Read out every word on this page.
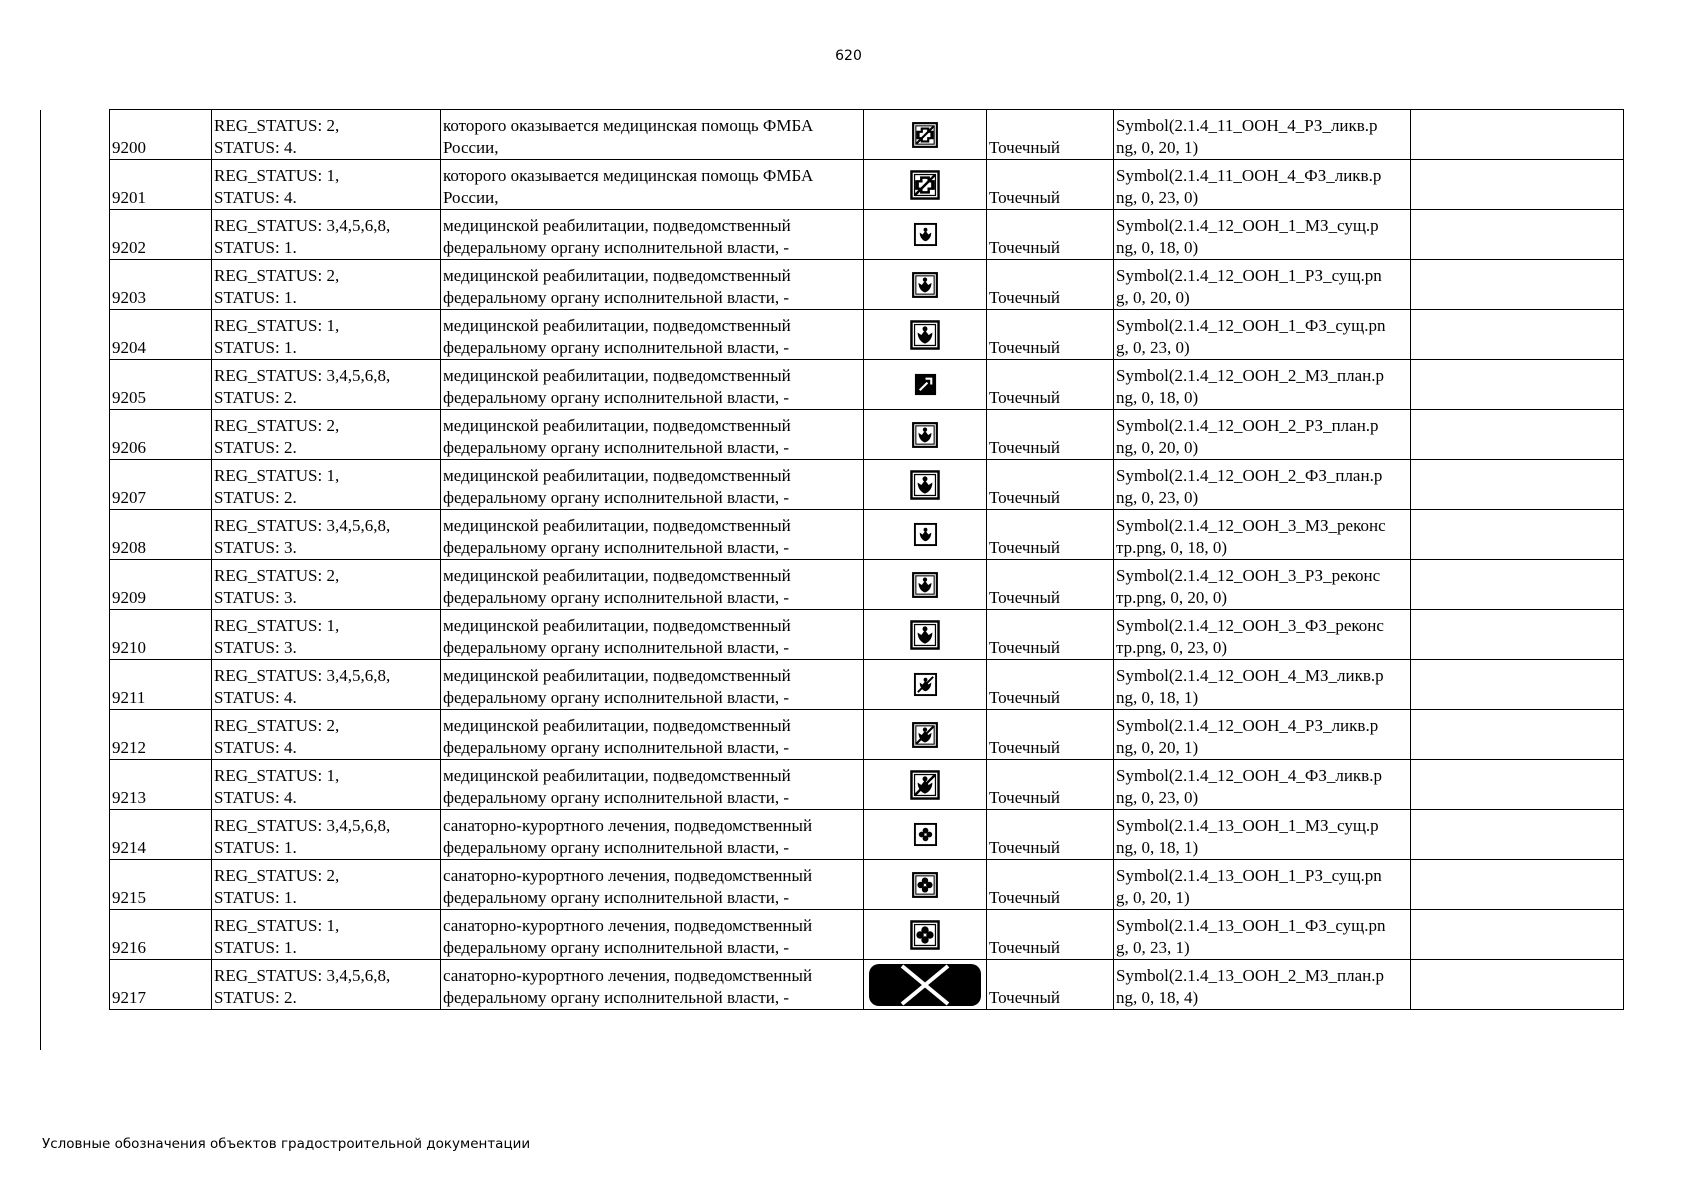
620
9200	REG_STATUS: 2,
STATUS: 4.	которого оказывается медицинская помощь ФМБА
России,		Точечный	Symbol(2.1.4_11_ООН_4_РЗ_ликв.p
ng, 0, 20, 1)	

9201	REG_STATUS: 1,
STATUS: 4.	которого оказывается медицинская помощь ФМБА
России,		Точечный	Symbol(2.1.4_11_ООН_4_ФЗ_ликв.p
ng, 0, 23, 0)	

9202	REG_STATUS: 3,4,5,6,8,
STATUS: 1.	медицинской реабилитации, подведомственный
федеральному органу исполнительной власти, -		Точечный	Symbol(2.1.4_12_ООН_1_МЗ_сущ.p
ng, 0, 18, 0)	

9203	REG_STATUS: 2,
STATUS: 1.	медицинской реабилитации, подведомственный
федеральному органу исполнительной власти, -		Точечный	Symbol(2.1.4_12_ООН_1_РЗ_сущ.pn
g, 0, 20, 0)	

9204	REG_STATUS: 1,
STATUS: 1.	медицинской реабилитации, подведомственный
федеральному органу исполнительной власти, -		Точечный	Symbol(2.1.4_12_ООН_1_ФЗ_сущ.pn
g, 0, 23, 0)	

9205	REG_STATUS: 3,4,5,6,8,
STATUS: 2.	медицинской реабилитации, подведомственный
федеральному органу исполнительной власти, -		Точечный	Symbol(2.1.4_12_ООН_2_МЗ_план.p
ng, 0, 18, 0)	

9206	REG_STATUS: 2,
STATUS: 2.	медицинской реабилитации, подведомственный
федеральному органу исполнительной власти, -		Точечный	Symbol(2.1.4_12_ООН_2_РЗ_план.p
ng, 0, 20, 0)	

9207	REG_STATUS: 1,
STATUS: 2.	медицинской реабилитации, подведомственный
федеральному органу исполнительной власти, -		Точечный	Symbol(2.1.4_12_ООН_2_ФЗ_план.p
ng, 0, 23, 0)	

9208	REG_STATUS: 3,4,5,6,8,
STATUS: 3.	медицинской реабилитации, подведомственный
федеральному органу исполнительной власти, -		Точечный	Symbol(2.1.4_12_ООН_3_МЗ_реконс
тр.png, 0, 18, 0)	

9209	REG_STATUS: 2,
STATUS: 3.	медицинской реабилитации, подведомственный
федеральному органу исполнительной власти, -		Точечный	Symbol(2.1.4_12_ООН_3_РЗ_реконс
тр.png, 0, 20, 0)	

9210	REG_STATUS: 1,
STATUS: 3.	медицинской реабилитации, подведомственный
федеральному органу исполнительной власти, -		Точечный	Symbol(2.1.4_12_ООН_3_ФЗ_реконс
тр.png, 0, 23, 0)	

9211	REG_STATUS: 3,4,5,6,8,
STATUS: 4.	медицинской реабилитации, подведомственный
федеральному органу исполнительной власти, -		Точечный	Symbol(2.1.4_12_ООН_4_МЗ_ликв.p
ng, 0, 18, 1)	

9212	REG_STATUS: 2,
STATUS: 4.	медицинской реабилитации, подведомственный
федеральному органу исполнительной власти, -		Точечный	Symbol(2.1.4_12_ООН_4_РЗ_ликв.p
ng, 0, 20, 1)	

9213	REG_STATUS: 1,
STATUS: 4.	медицинской реабилитации, подведомственный
федеральному органу исполнительной власти, -		Точечный	Symbol(2.1.4_12_ООН_4_ФЗ_ликв.p
ng, 0, 23, 0)	

9214	REG_STATUS: 3,4,5,6,8,
STATUS: 1.	санаторно-курортного лечения, подведомственный
федеральному органу исполнительной власти, -		Точечный	Symbol(2.1.4_13_ООН_1_МЗ_сущ.p
ng, 0, 18, 1)	

9215	REG_STATUS: 2,
STATUS: 1.	санаторно-курортного лечения, подведомственный
федеральному органу исполнительной власти, -		Точечный	Symbol(2.1.4_13_ООН_1_РЗ_сущ.pn
g, 0, 20, 1)	

9216	REG_STATUS: 1,
STATUS: 1.	санаторно-курортного лечения, подведомственный
федеральному органу исполнительной власти, -		Точечный	Symbol(2.1.4_13_ООН_1_ФЗ_сущ.pn
g, 0, 23, 1)	

9217	REG_STATUS: 3,4,5,6,8,
STATUS: 2.	санаторно-курортного лечения, подведомственный
федеральному органу исполнительной власти, -		Точечный	Symbol(2.1.4_13_ООН_2_МЗ_план.p
ng, 0, 18, 4)	

Условные обозначения объектов градостроительной документации
